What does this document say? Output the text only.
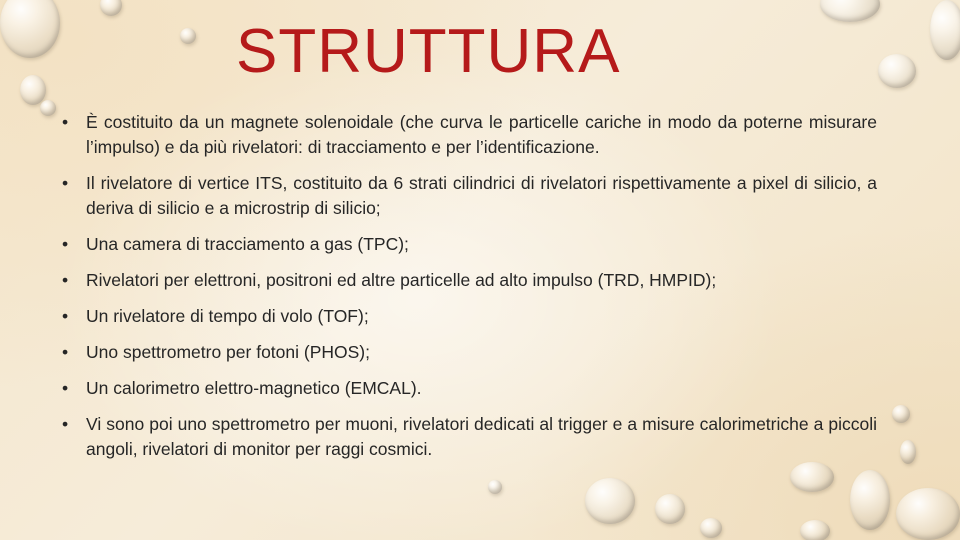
STRUTTURA
•	È costituito da un magnete solenoidale (che curva le particelle cariche in modo da poterne misurare l’impulso) e da più rivelatori: di tracciamento e per l’identificazione.
•	Il rivelatore di vertice ITS, costituito da 6 strati cilindrici di rivelatori rispettivamente a pixel di silicio, a deriva di silicio e a microstrip di silicio;
•	Una camera di tracciamento a gas (TPC);
•	Rivelatori per elettroni, positroni ed altre particelle ad alto impulso (TRD, HMPID);
•	Un rivelatore di tempo di volo (TOF);
•	Uno spettrometro per fotoni (PHOS);
•	Un calorimetro elettro-magnetico (EMCAL).
•	Vi sono poi uno spettrometro per muoni, rivelatori dedicati al trigger e a misure calorimetriche a piccoli angoli, rivelatori di monitor per raggi cosmici.
